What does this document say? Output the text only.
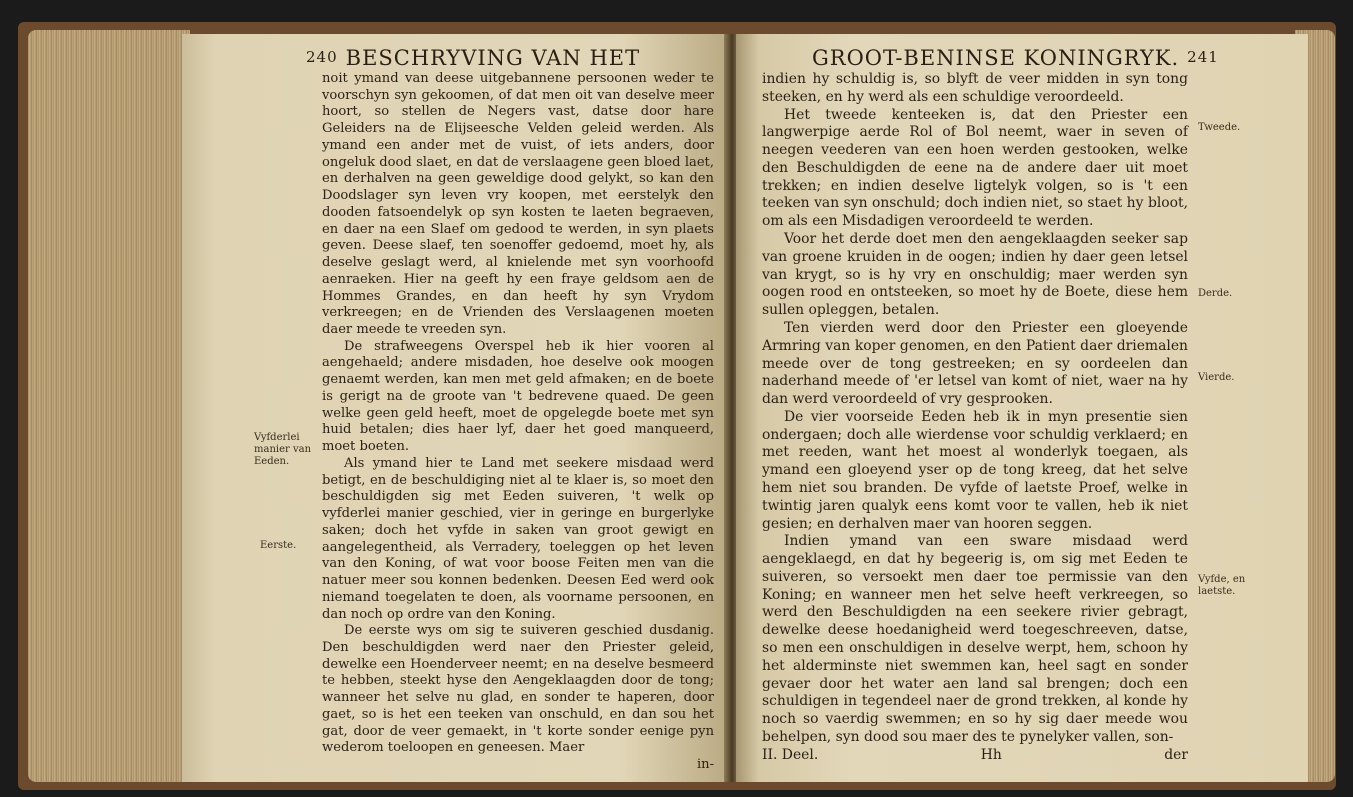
240 BESCHRYVING VAN HET

noit ymand van deese uitgebannene persoonen weder te voorschyn syn gekoomen, of dat men oit van deselve meer hoort, so stellen de Negers vast, datse door hare Geleiders na de Elijseesche Velden geleid werden. Als ymand een ander met de vuist, of iets anders, door ongeluk dood slaet, en dat de verslaagene geen bloed laet, en derhalven na geen geweldige dood gelykt, so kan den Doodslager syn leven vry koopen, met eerstelyk den dooden fatsoendelyk op syn kosten te laeten begraeven, en daer na een Slaef om gedood te werden, in syn plaets geven. Deese slaef, ten soenoffer gedoemd, moet hy, als deselve geslagt werd, al knielende met syn voorhoofd aenraeken. Hier na geeft hy een fraye geldsom aen de Hommes Grandes, en dan heeft hy syn Vrydom verkreegen; en de Vrienden des Verslaagenen moeten daer meede te vreeden syn.

De strafweegens Overspel heb ik hier vooren al aengehaeld; andere misdaden, hoe deselve ook moogen genaemt werden, kan men met geld afmaken; en de boete is gerigt na de groote van 't bedrevene quaed. De geen welke geen geld heeft, moet de opgelegde boete met syn huid betalen; dies haer lyf, daer het goed manqueerd, moet boeten.

Als ymand hier te Land met seekere misdaad werd betigt, en de beschuldiging niet al te klaer is, so moet den beschuldigden sig met Eeden suiveren, 't welk op vyfderlei manier geschied, vier in geringe en burgerlyke saken; doch het vyfde in saken van groot gewigt en aangelegentheid, als Verradery, toeleggen op het leven van den Koning, of wat voor boose Feiten men van die natuer meer sou konnen bedenken. Deesen Eed werd ook niemand toegelaten te doen, als voorname persoonen, en dan noch op ordre van den Koning.

De eerste wys om sig te suiveren geschied dusdanig. Den beschuldigden werd naer den Priester geleid, dewelke een Hoenderveer neemt; en na deselve besmeerd te hebben, steekt hyse den Aengeklaagden door de tong; wanneer het selve nu glad, en sonder te haperen, door gaet, so is het een teeken van onschuld, en dan sou het gat, door de veer gemaekt, in 't korte sonder eenige pyn wederom toeloopen en geneesen. Maer

in-
Vyfderlei manier van Eeden.
Eerste.
GROOT-BENINSE KONINGRYK. 241

indien hy schuldig is, so blyft de veer midden in syn tong steeken, en hy werd als een schuldige veroordeeld.

Het tweede kenteeken is, dat den Priester een langwerpige aerde Rol of Bol neemt, waer in seven of neegen veederen van een hoen werden gestooken, welke den Beschuldigden de eene na de andere daer uit moet trekken; en indien deselve ligtelyk volgen, so is 't een teeken van syn onschuld; doch indien niet, so staet hy bloot, om als een Misdadigen veroordeeld te werden.

Voor het derde doet men den aengeklaagden seeker sap van groene kruiden in de oogen; indien hy daer geen letsel van krygt, so is hy vry en onschuldig; maer werden syn oogen rood en ontsteeken, so moet hy de Boete, diese hem sullen opleggen, betalen.

Ten vierden werd door den Priester een gloeyende Armring van koper genomen, en den Patient daer driemalen meede over de tong gestreeken; en sy oordeelen dan naderhand meede of 'er letsel van komt of niet, waer na hy dan werd veroordeeld of vry gesprooken.

De vier voorseide Eeden heb ik in myn presentie sien ondergaen; doch alle wierdense voor schuldig verklaerd; en met reeden, want het moest al wonderlyk toegaen, als ymand een gloeyend yser op de tong kreeg, dat het selve hem niet sou branden. De vyfde of laetste Proef, welke in twintig jaren qualyk eens komt voor te vallen, heb ik niet gesien; en derhalven maer van hooren seggen.

Indien ymand van een sware misdaad werd aengeklaegd, en dat hy begeerig is, om sig met Eeden te suiveren, so versoekt men daer toe permissie van den Koning; en wanneer men het selve heeft verkreegen, so werd den Beschuldigden na een seekere rivier gebragt, dewelke deese hoedanigheid werd toegeschreeven, datse, so men een onschuldigen in deselve werpt, hem, schoon hy het alderminste niet swemmen kan, heel sagt en sonder gevaer door het water aen land sal brengen; doch een schuldigen in tegendeel naer de grond trekken, al konde hy noch so vaerdig swemmen; en so hy sig daer meede wou behelpen, syn dood sou maer des te pynelyker vallen, son-

II. Deel.	Hh	der
Tweede.
Derde.
Vierde.
Vyfde, en laetste.
